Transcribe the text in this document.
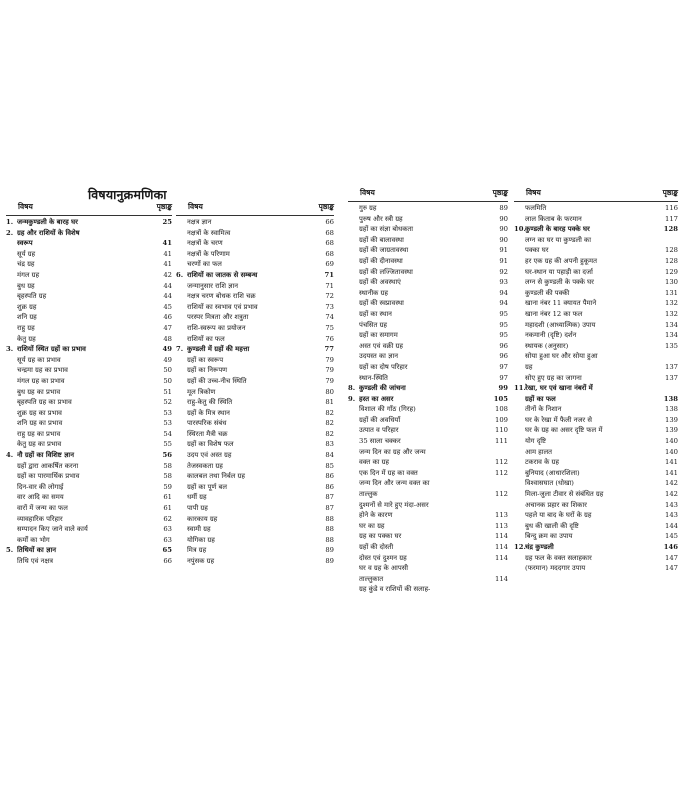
विषयानुक्रमणिका
विषय	पृष्ठाङ्क
1. जन्मकुण्डली के बारह घर	25
2. ग्रह और राशियों के विशेष
स्वरूप	41
सूर्य ग्रह	41
चंद्र ग्रह	41
मंगल ग्रह	42
बुध ग्रह	44
बृहस्पति ग्रह	44
शुक्र ग्रह	45
शनि ग्रह	46
राहु ग्रह	47
केतु ग्रह	48
3. राशियों स्थित ग्रहों का प्रभाव	49
सूर्य ग्रह का प्रभाव	49
चन्द्रमा ग्रह का प्रभाव	50
मंगल ग्रह का प्रभाव	50
बुध ग्रह का प्रभाव	51
बृहस्पति ग्रह का प्रभाव	52
शुक्र ग्रह का प्रभाव	53
शनि ग्रह का प्रभाव	53
राहु ग्रह का प्रभाव	54
केतु ग्रह का प्रभाव	55
4. नौ ग्रहों का विशिष्ट ज्ञान	56
ग्रहों द्वारा आकर्षित करना	58
ग्रहों का पारमार्थिक प्रभाव	58
दिन-वार की लोगाई	59
वार आदि का समय	61
वारों में जन्म का फल	61
व्यावहारिक परिहार	62
सम्पादन किए जाने वाले कार्य	63
कर्मों का भोग	63
5. तिथियों का ज्ञान	65
तिथि एवं नक्षत्र	66
विषय	पृष्ठाङ्क
नक्षत्र ज्ञान	66
नक्षत्रों के स्वामित्व	68
नक्षत्रों के चरण	68
नक्षत्रों के परिणाम	68
चरणों का फल	69
6. राशियों का जातक से सम्बन्ध	71
जन्मानुसार राशि ज्ञान	71
नक्षत्र चरण बोधक राशि चक्र	72
राशियों का स्वभाव एवं प्रभाव	73
परस्पर मित्रता और शत्रुता	74
राशि-स्वरूप का प्रयोजन	75
राशियों का फल	76
7. कुण्डली में ग्रहों की महत्ता	77
ग्रहों का स्वरूप	79
ग्रहों का निरूपण	79
ग्रहों की उच्च-नीच स्थिति	79
मूल त्रिकोण	80
राहु-केतु की स्थिति	81
ग्रहों के मित्र स्थान	82
पारस्परिक संबंध	82
स्थिरता मैत्री चक्र	82
ग्रहों का विशेष फल	83
उदय एवं अस्त ग्रह	84
तेजस्वकता ग्रह	85
कालबल तथा निर्बल ग्रह	86
ग्रहों का पूर्ण बल	86
धर्मी ग्रह	87
पापी ग्रह	87
कारकाय ग्रह	88
स्वामी ग्रह	88
योगिका ग्रह	88
मित्र ग्रह	89
नपुंसक ग्रह	89
विषय	पृष्ठाङ्क
गुरु ग्रह	89
पुरुष और स्त्री ग्रह	90
ग्रहों का संज्ञा बोधकता	90
ग्रहों की बालावस्था	90
ग्रहों की जाग्रतावस्था	91
ग्रहों की दीनावस्था	91
ग्रहों की लज्जितावस्था	92
ग्रहों की अवस्थाएं	93
स्थानीक ग्रह	94
ग्रहों की स्वप्नावस्था	94
ग्रहों का स्थान	95
पंचसित ग्रह	95
ग्रहों का समागम	95
अस्त एवं वक्री ग्रह	96
उदयस्त का ज्ञान	96
ग्रहों का दोष परिहार	97
स्थान-स्थिति	97
8. कुण्डली की जांचना	99
9. हस्त का असर	105
विशाल की गाँठ (गिरह)	108
ग्रहों की अवधियाँ	109
उत्पात व परिहार	110
35 साला चक्कर	111
जन्म दिन का ग्रह और जन्म
वक्त का ग्रह	112
एक दिन में ग्रह का वक्त	112
जन्म दिन और जन्म वक्त का
ताल्लुक	112
दुश्मनों से मारे हुए मंदा-असर
होने के कारण	113
घर का ग्रह	113
ग्रह का पक्का घर	114
ग्रहों की दोस्ती	114
दोस्त एवं दुश्मन ग्रह	114
घर व ग्रह के आपसी
ताल्लुकात	114
ग्रह कुंडे व राशियों की सलाह-
विषय	पृष्ठाङ्क
फलमिति	116
लाल किताब के फरमान	117
10. कुण्डली के बारह पक्के घर	128
लग्न का घर या कुण्डली का
पक्का घर	128
हर एक ग्रह की अपनी हुकूमत	128
घर-स्थान या पहाड़ी का दर्जा	129
लग्न से कुण्डली के पक्के घर	130
कुण्डली की पक्की	131
खाना नंबर 11 क्यायत पैमाने	132
खाना नंबर 12 का फल	132
महादशी (आध्यात्मिक) उपाय	134
नकमानी (दृष्टि) दर्शन	134
स्थायक (अनुसार)	135
सोया हुआ घर और सोया हुआ
ग्रह	137
सोए हुए ग्रह का जागना	137
11. रेखा, घर एवं खाना नंबरों में
ग्रहों का फल	138
तीनों के निशान	138
घर के रेखा में फैली नजर से	139
घर के ग्रह का असर दृष्टि फल में	139
योग दृष्टि	140
आम हालत	140
टकराव के ग्रह	141
बुनियाद (आधारशिला)	141
विश्वासघात (धोखा)	142
मिला-जुला टीवार से संबंधित ग्रह	142
अचानक प्रहार का शिकार	143
पहले या बाद के घरों के ग्रह	143
बुध की खाली की दृष्टि	144
बिन्दु क्रम का उपाय	145
12. चंद्र कुण्डली	146
ग्रह फल के वक्त सलाहकार	147
(फरमान) मददगार उपाय	147
